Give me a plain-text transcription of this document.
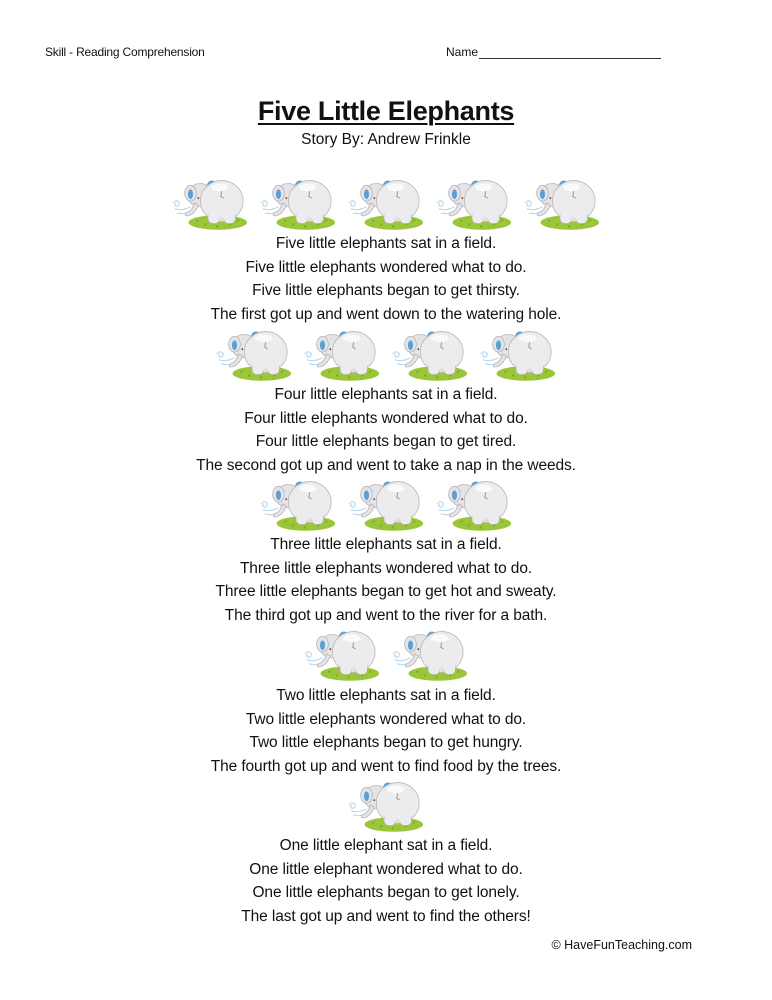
Skill - Reading Comprehension	Name
Five Little Elephants
Story By: Andrew Frinkle
Five little elephants sat in a field.
Five little elephants wondered what to do.
Five little elephants began to get thirsty.
The first got up and went down to the watering hole.
Four little elephants sat in a field.
Four little elephants wondered what to do.
Four little elephants began to get tired.
The second got up and went to take a nap in the weeds.
Three little elephants sat in a field.
Three little elephants wondered what to do.
Three little elephants began to get hot and sweaty.
The third got up and went to the river for a bath.
Two little elephants sat in a field.
Two little elephants wondered what to do.
Two little elephants began to get hungry.
The fourth got up and went to find food by the trees.
One little elephant sat in a field.
One little elephant wondered what to do.
One little elephants began to get lonely.
The last got up and went to find the others!
© HaveFunTeaching.com
